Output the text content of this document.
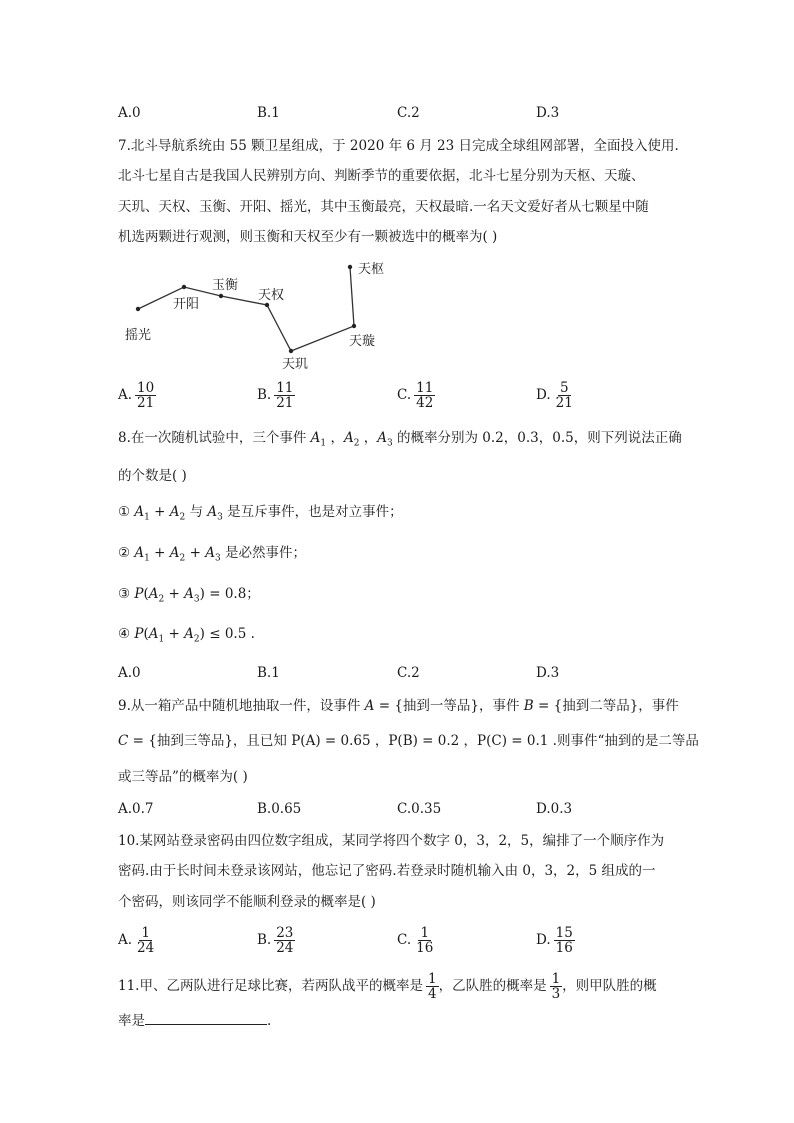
A.0	B.1	C.2	D.3
7.北斗导航系统由 55 颗卫星组成，于 2020 年 6 月 23 日完成全球组网部署，全面投入使用.
北斗七星自古是我国人民辨别方向、判断季节的重要依据，北斗七星分别为天枢、天璇、
天玑、天权、玉衡、开阳、摇光，其中玉衡最亮，天权最暗.一名天文爱好者从七颗星中随
机选两颗进行观测，则玉衡和天权至少有一颗被选中的概率为( )
天枢
玉衡
天权
开阳
摇光	天璇
天玑
A. $\frac{10}{21}$	B. $\frac{11}{21}$	C. $\frac{11}{42}$	D. $\frac{5}{21}$
8.在一次随机试验中，三个事件 $A_1$ ，$A_2$ ，$A_3$ 的概率分别为 0.2，0.3，0.5，则下列说法正确
的个数是( )
① $A_1 + A_2$ 与 $A_3$ 是互斥事件，也是对立事件；
② $A_1 + A_2 + A_3$ 是必然事件；
③ $P(A_2 + A_3) = 0.8$；
④ $P(A_1 + A_2) \le 0.5$ .
A.0	B.1	C.2	D.3
9.从一箱产品中随机地抽取一件，设事件 A = {抽到一等品}，事件 B = {抽到二等品}，事件
C = {抽到三等品}，且已知 P(A) = 0.65 ，P(B) = 0.2 ，P(C) = 0.1 .则事件“抽到的是二等品
或三等品”的概率为( )
A.0.7	B.0.65	C.0.35	D.0.3
10.某网站登录密码由四位数字组成，某同学将四个数字 0，3，2，5，编排了一个顺序作为
密码.由于长时间未登录该网站，他忘记了密码.若登录时随机输入由 0，3，2，5 组成的一
个密码，则该同学不能顺利登录的概率是( )
A. $\frac{1}{24}$	B. $\frac{23}{24}$	C. $\frac{1}{16}$	D. $\frac{15}{16}$
11.甲、乙两队进行足球比赛，若两队战平的概率是 $\frac{1}{4}$ ，乙队胜的概率是 $\frac{1}{3}$ ，则甲队胜的概
率是	.
